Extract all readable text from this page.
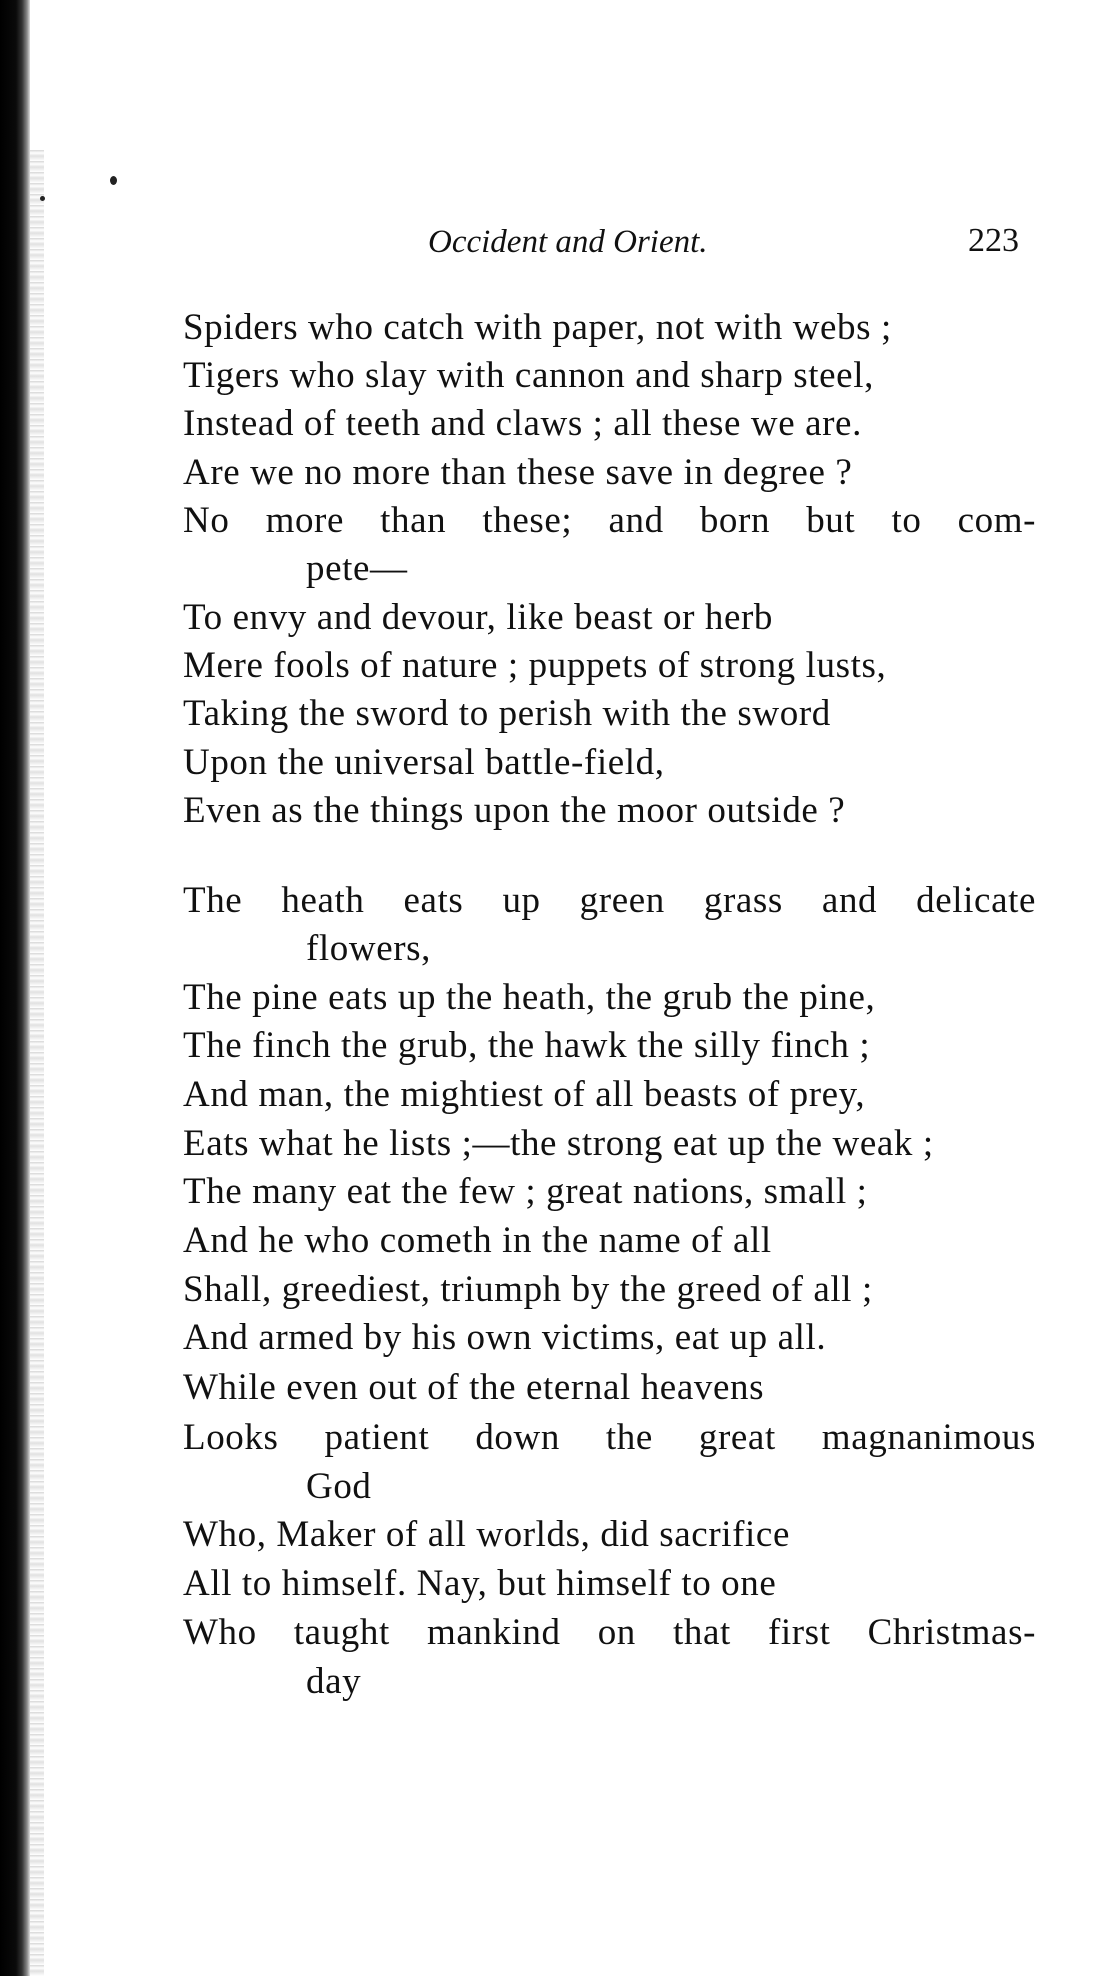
Occident and Orient.	223
Spiders who catch with paper, not with webs ;
Tigers who slay with cannon and sharp steel,
Instead of teeth and claws ; all these we are.
Are we no more than these save in degree ?
No more than these; and born but to com-
pete—
To envy and devour, like beast or herb
Mere fools of nature ; puppets of strong lusts,
Taking the sword to perish with the sword
Upon the universal battle-field,
Even as the things upon the moor outside ?
The heath eats up green grass and delicate
flowers,
The pine eats up the heath, the grub the pine,
The finch the grub, the hawk the silly finch ;
And man, the mightiest of all beasts of prey,
Eats what he lists ;—the strong eat up the weak ;
The many eat the few ; great nations, small ;
And he who cometh in the name of all
Shall, greediest, triumph by the greed of all ;
And armed by his own victims, eat up all.
While even out of the eternal heavens
Looks patient down the great magnanimous
God
Who, Maker of all worlds, did sacrifice
All to himself. Nay, but himself to one
Who taught mankind on that first Christmas-
day
